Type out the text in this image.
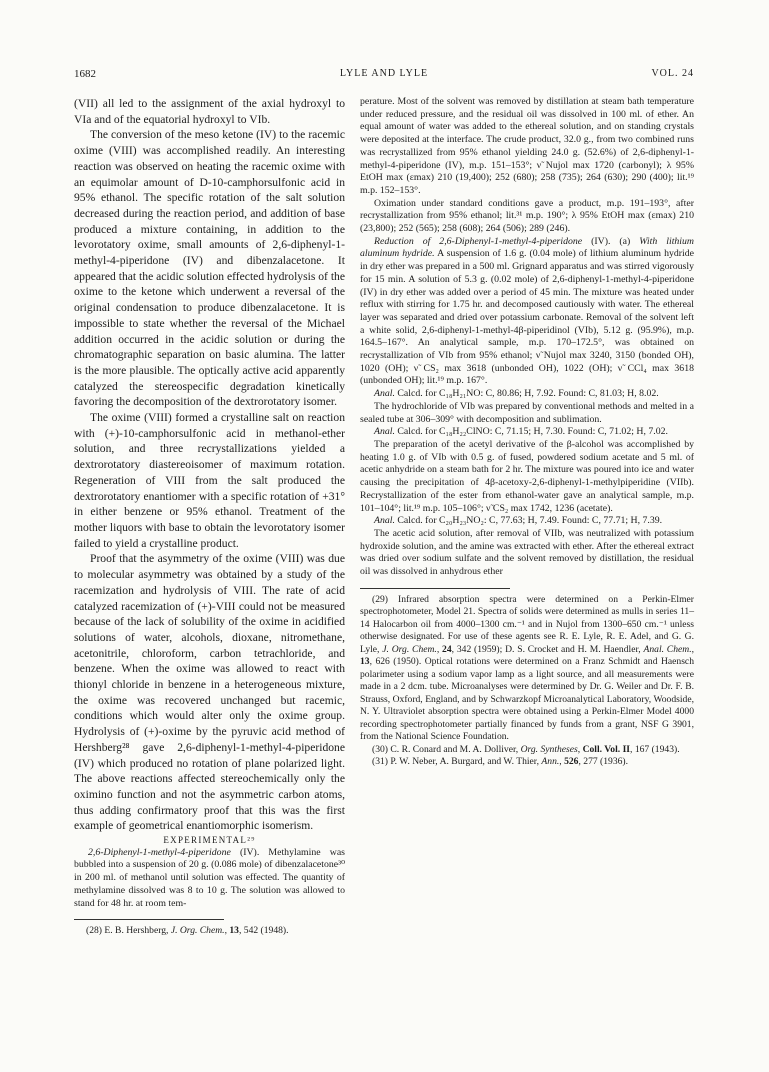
1682	LYLE AND LYLE	VOL. 24

(VII) all led to the assignment of the axial hydroxyl to VIa and of the equatorial hydroxyl to VIb.

The conversion of the meso ketone (IV) to the racemic oxime (VIII) was accomplished readily. An interesting reaction was observed on heating the racemic oxime with an equimolar amount of D-10-camphorsulfonic acid in 95% ethanol. The specific rotation of the salt solution decreased during the reaction period, and addition of base produced a mixture containing, in addition to the levorotatory oxime, small amounts of 2,6-diphenyl-1-methyl-4-piperidone (IV) and dibenzalacetone. It appeared that the acidic solution effected hydrolysis of the oxime to the ketone which underwent a reversal of the original condensation to produce dibenzalacetone. It is impossible to state whether the reversal of the Michael addition occurred in the acidic solution or during the chromatographic separation on basic alumina. The latter is the more plausible. The optically active acid apparently catalyzed the stereospecific degradation kinetically favoring the decomposition of the dextrorotatory isomer.

The oxime (VIII) formed a crystalline salt on reaction with (+)-10-camphorsulfonic acid in methanol-ether solution, and three recrystallizations yielded a dextrorotatory diastereoisomer of maximum rotation. Regeneration of VIII from the salt produced the dextrorotatory enantiomer with a specific rotation of +31° in either benzene or 95% ethanol. Treatment of the mother liquors with base to obtain the levorotatory isomer failed to yield a crystalline product.

Proof that the asymmetry of the oxime (VIII) was due to molecular asymmetry was obtained by a study of the racemization and hydrolysis of VIII. The rate of acid catalyzed racemization of (+)-VIII could not be measured because of the lack of solubility of the oxime in acidified solutions of water, alcohols, dioxane, nitromethane, acetonitrile, chloroform, carbon tetrachloride, and benzene. When the oxime was allowed to react with thionyl chloride in benzene in a heterogeneous mixture, the oxime was recovered unchanged but racemic, conditions which would alter only the oxime group. Hydrolysis of (+)-oxime by the pyruvic acid method of Hershberg²⁸ gave 2,6-diphenyl-1-methyl-4-piperidone (IV) which produced no rotation of plane polarized light. The above reactions affected stereochemically only the oximino function and not the asymmetric carbon atoms, thus adding confirmatory proof that this was the first example of geometrical enantiomorphic isomerism.

EXPERIMENTAL²⁹

2,6-Diphenyl-1-methyl-4-piperidone (IV). Methylamine was bubbled into a suspension of 20 g. (0.086 mole) of dibenzalacetone³⁰ in 200 ml. of methanol until solution was effected. The quantity of methylamine dissolved was 8 to 10 g. The solution was allowed to stand for 48 hr. at room tem-

(28) E. B. Hershberg, J. Org. Chem., 13, 542 (1948).

perature. Most of the solvent was removed by distillation at steam bath temperature under reduced pressure, and the residual oil was dissolved in 100 ml. of ether. An equal amount of water was added to the ethereal solution, and on standing crystals were deposited at the interface. The crude product, 32.0 g., from two combined runs was recrystallized from 95% ethanol yielding 24.0 g. (52.6%) of 2,6-diphenyl-1-methyl-4-piperidone (IV), m.p. 151–153°; ν̃ Nujol max 1720 (carbonyl); λ 95% EtOH max (εmax) 210 (19,400); 252 (680); 258 (735); 264 (630); 290 (400); lit.¹⁹ m.p. 152–153°.

Oximation under standard conditions gave a product, m.p. 191–193°, after recrystallization from 95% ethanol; lit.³¹ m.p. 190°; λ 95% EtOH max (εmax) 210 (23,800); 252 (565); 258 (608); 264 (506); 289 (246).

Reduction of 2,6-Diphenyl-1-methyl-4-piperidone (IV). (a) With lithium aluminum hydride. A suspension of 1.6 g. (0.04 mole) of lithium aluminum hydride in dry ether was prepared in a 500 ml. Grignard apparatus and was stirred vigorously for 15 min. A solution of 5.3 g. (0.02 mole) of 2,6-diphenyl-1-methyl-4-piperidone (IV) in dry ether was added over a period of 45 min. The mixture was heated under reflux with stirring for 1.75 hr. and decomposed cautiously with water. The ethereal layer was separated and dried over potassium carbonate. Removal of the solvent left a white solid, 2,6-diphenyl-1-methyl-4β-piperidinol (VIb), 5.12 g. (95.9%), m.p. 164.5–167°. An analytical sample, m.p. 170–172.5°, was obtained on recrystallization of VIb from 95% ethanol; ν̃ Nujol max 3240, 3150 (bonded OH), 1020 (OH); ν̃ CS₂ max 3618 (unbonded OH), 1022 (OH); ν̃ CCl₄ max 3618 (unbonded OH); lit.¹⁹ m.p. 167°.

Anal. Calcd. for C₁₈H₂₁NO: C, 80.86; H, 7.92. Found: C, 81.03; H, 8.02.

The hydrochloride of VIb was prepared by conventional methods and melted in a sealed tube at 306–309° with decomposition and sublimation.

Anal. Calcd. for C₁₈H₂₂ClNO: C, 71.15; H, 7.30. Found: C, 71.02; H, 7.02.

The preparation of the acetyl derivative of the β-alcohol was accomplished by heating 1.0 g. of VIb with 0.5 g. of fused, powdered sodium acetate and 5 ml. of acetic anhydride on a steam bath for 2 hr. The mixture was poured into ice and water causing the precipitation of 4β-acetoxy-2,6-diphenyl-1-methylpiperidine (VIIb). Recrystallization of the ester from ethanol-water gave an analytical sample, m.p. 101–104°; lit.¹⁹ m.p. 105–106°; ν̃ CS₂ max 1742, 1236 (acetate).

Anal. Calcd. for C₂₀H₂₃NO₂: C, 77.63; H, 7.49. Found: C, 77.71; H, 7.39.

The acetic acid solution, after removal of VIIb, was neutralized with potassium hydroxide solution, and the amine was extracted with ether. After the ethereal extract was dried over sodium sulfate and the solvent removed by distillation, the residual oil was dissolved in anhydrous ether

(29) Infrared absorption spectra were determined on a Perkin-Elmer spectrophotometer, Model 21. Spectra of solids were determined as mulls in series 11–14 Halocarbon oil from 4000–1300 cm.⁻¹ and in Nujol from 1300–650 cm.⁻¹ unless otherwise designated. For use of these agents see R. E. Lyle, R. E. Adel, and G. G. Lyle, J. Org. Chem., 24, 342 (1959); D. S. Crocket and H. M. Haendler, Anal. Chem., 13, 626 (1950). Optical rotations were determined on a Franz Schmidt and Haensch polarimeter using a sodium vapor lamp as a light source, and all measurements were made in a 2 dcm. tube. Microanalyses were determined by Dr. G. Weiler and Dr. F. B. Strauss, Oxford, England, and by Schwarzkopf Microanalytical Laboratory, Woodside, N. Y. Ultraviolet absorption spectra were obtained using a Perkin-Elmer Model 4000 recording spectrophotometer partially financed by funds from a grant, NSF G 3901, from the National Science Foundation.

(30) C. R. Conard and M. A. Dolliver, Org. Syntheses, Coll. Vol. II, 167 (1943).

(31) P. W. Neber, A. Burgard, and W. Thier, Ann., 526, 277 (1936).
